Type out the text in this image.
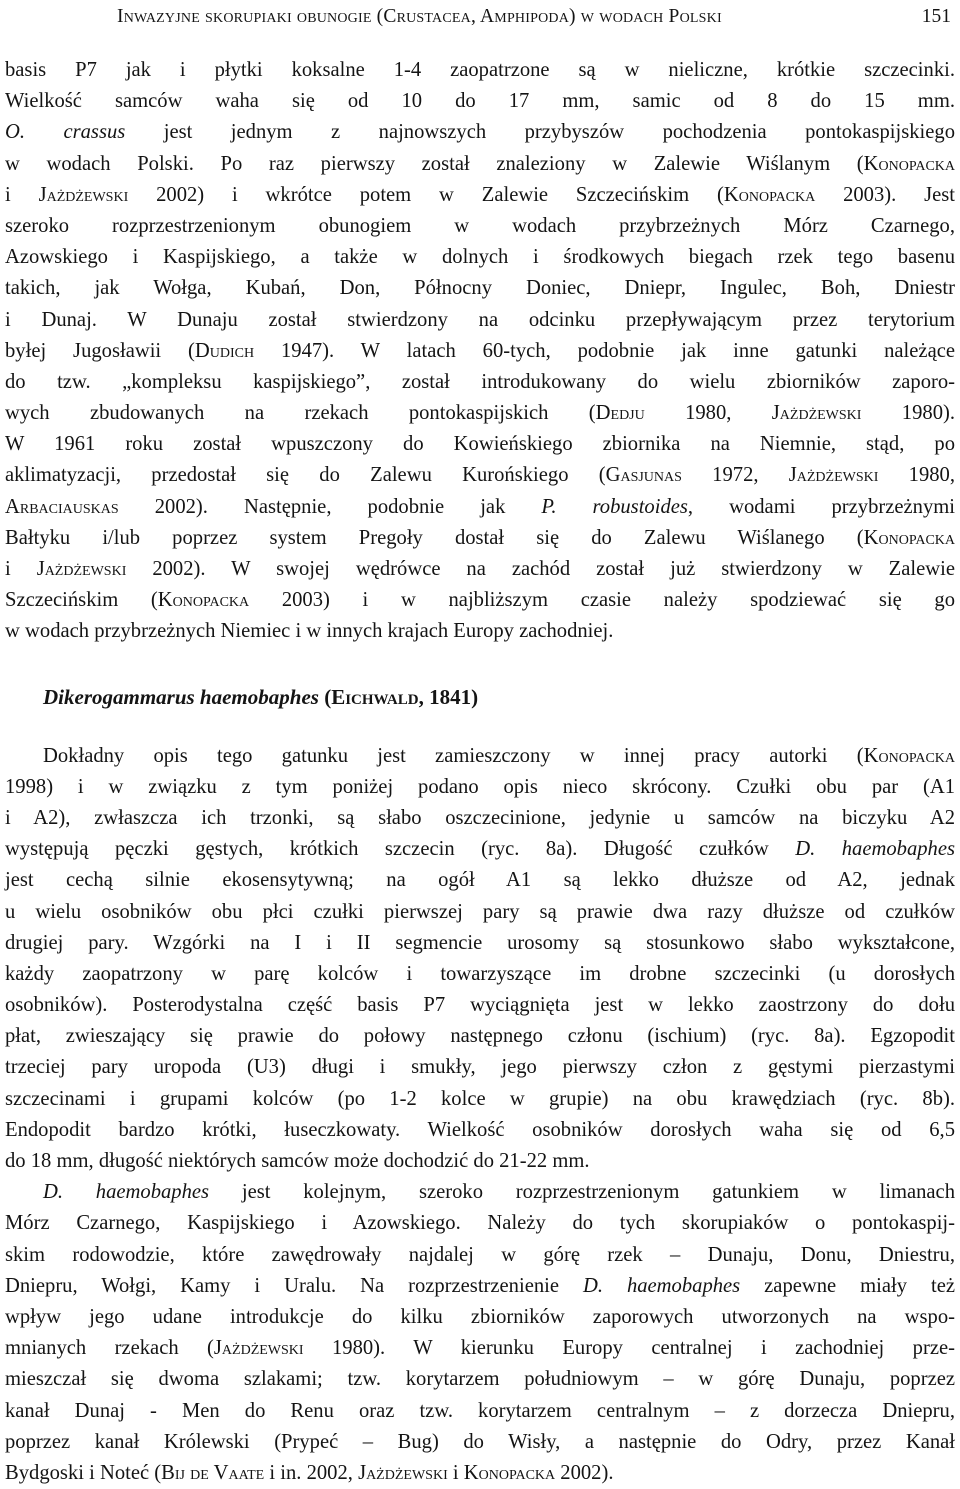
Inwazyjne skorupiaki obunogie (Crustacea, Amphipoda) w wodach Polski	151
basis P7 jak i płytki koksalne 1-4 zaopatrzone są w nieliczne, krótkie szczecinki.
Wielkość samców waha się od 10 do 17 mm, samic od 8 do 15 mm.
O. crassus jest jednym z najnowszych przybyszów pochodzenia pontokaspijskiego
w wodach Polski. Po raz pierwszy został znaleziony w Zalewie Wiślanym (Konopacka
i Jażdżewski 2002) i wkrótce potem w Zalewie Szczecińskim (Konopacka 2003). Jest
szeroko rozprzestrzenionym obunogiem w wodach przybrzeżnych Mórz Czarnego,
Azowskiego i Kaspijskiego, a także w dolnych i środkowych biegach rzek tego basenu
takich, jak Wołga, Kubań, Don, Północny Doniec, Dniepr, Ingulec, Boh, Dniestr
i Dunaj. W Dunaju został stwierdzony na odcinku przepływającym przez terytorium
byłej Jugosławii (Dudich 1947). W latach 60-tych, podobnie jak inne gatunki należące
do tzw. „kompleksu kaspijskiego”, został introdukowany do wielu zbiorników zaporo-
wych zbudowanych na rzekach pontokaspijskich (Dedju 1980, Jażdżewski 1980).
W 1961 roku został wpuszczony do Kowieńskiego zbiornika na Niemnie, stąd, po
aklimatyzacji, przedostał się do Zalewu Kurońskiego (Gasjunas 1972, Jażdżewski 1980,
Arbaciauskas 2002). Następnie, podobnie jak P. robustoides, wodami przybrzeżnymi
Bałtyku i/lub poprzez system Pregoły dostał się do Zalewu Wiślanego (Konopacka
i Jażdżewski 2002). W swojej wędrówce na zachód został już stwierdzony w Zalewie
Szczecińskim (Konopacka 2003) i w najbliższym czasie należy spodziewać się go
w wodach przybrzeżnych Niemiec i w innych krajach Europy zachodniej.
Dikerogammarus haemobaphes (Eichwald, 1841)
Dokładny opis tego gatunku jest zamieszczony w innej pracy autorki (Konopacka
1998) i w związku z tym poniżej podano opis nieco skrócony. Czułki obu par (A1
i A2), zwłaszcza ich trzonki, są słabo oszczecinione, jedynie u samców na biczyku A2
występują pęczki gęstych, krótkich szczecin (ryc. 8a). Długość czułków D. haemobaphes
jest cechą silnie ekosensytywną; na ogół A1 są lekko dłuższe od A2, jednak
u wielu osobników obu płci czułki pierwszej pary są prawie dwa razy dłuższe od czułków
drugiej pary. Wzgórki na I i II segmencie urosomy są stosunkowo słabo wykształcone,
każdy zaopatrzony w parę kolców i towarzyszące im drobne szczecinki (u dorosłych
osobników). Posterodystalna część basis P7 wyciągnięta jest w lekko zaostrzony do dołu
płat, zwieszający się prawie do połowy następnego członu (ischium) (ryc. 8a). Egzopodit
trzeciej pary uropoda (U3) długi i smukły, jego pierwszy człon z gęstymi pierzastymi
szczecinami i grupami kolców (po 1-2 kolce w grupie) na obu krawędziach (ryc. 8b).
Endopodit bardzo krótki, łuseczkowaty. Wielkość osobników dorosłych waha się od 6,5
do 18 mm, długość niektórych samców może dochodzić do 21-22 mm.
D. haemobaphes jest kolejnym, szeroko rozprzestrzenionym gatunkiem w limanach
Mórz Czarnego, Kaspijskiego i Azowskiego. Należy do tych skorupiaków o pontokaspij-
skim rodowodzie, które zawędrowały najdalej w górę rzek – Dunaju, Donu, Dniestru,
Dniepru, Wołgi, Kamy i Uralu. Na rozprzestrzenienie D. haemobaphes zapewne miały też
wpływ jego udane introdukcje do kilku zbiorników zaporowych utworzonych na wspo-
mnianych rzekach (Jażdżewski 1980). W kierunku Europy centralnej i zachodniej prze-
mieszczał się dwoma szlakami; tzw. korytarzem południowym – w górę Dunaju, poprzez
kanał Dunaj - Men do Renu oraz tzw. korytarzem centralnym – z dorzecza Dniepru,
poprzez kanał Królewski (Prypeć – Bug) do Wisły, a następnie do Odry, przez Kanał
Bydgoski i Noteć (Bij de Vaate i in. 2002, Jażdżewski i Konopacka 2002).
